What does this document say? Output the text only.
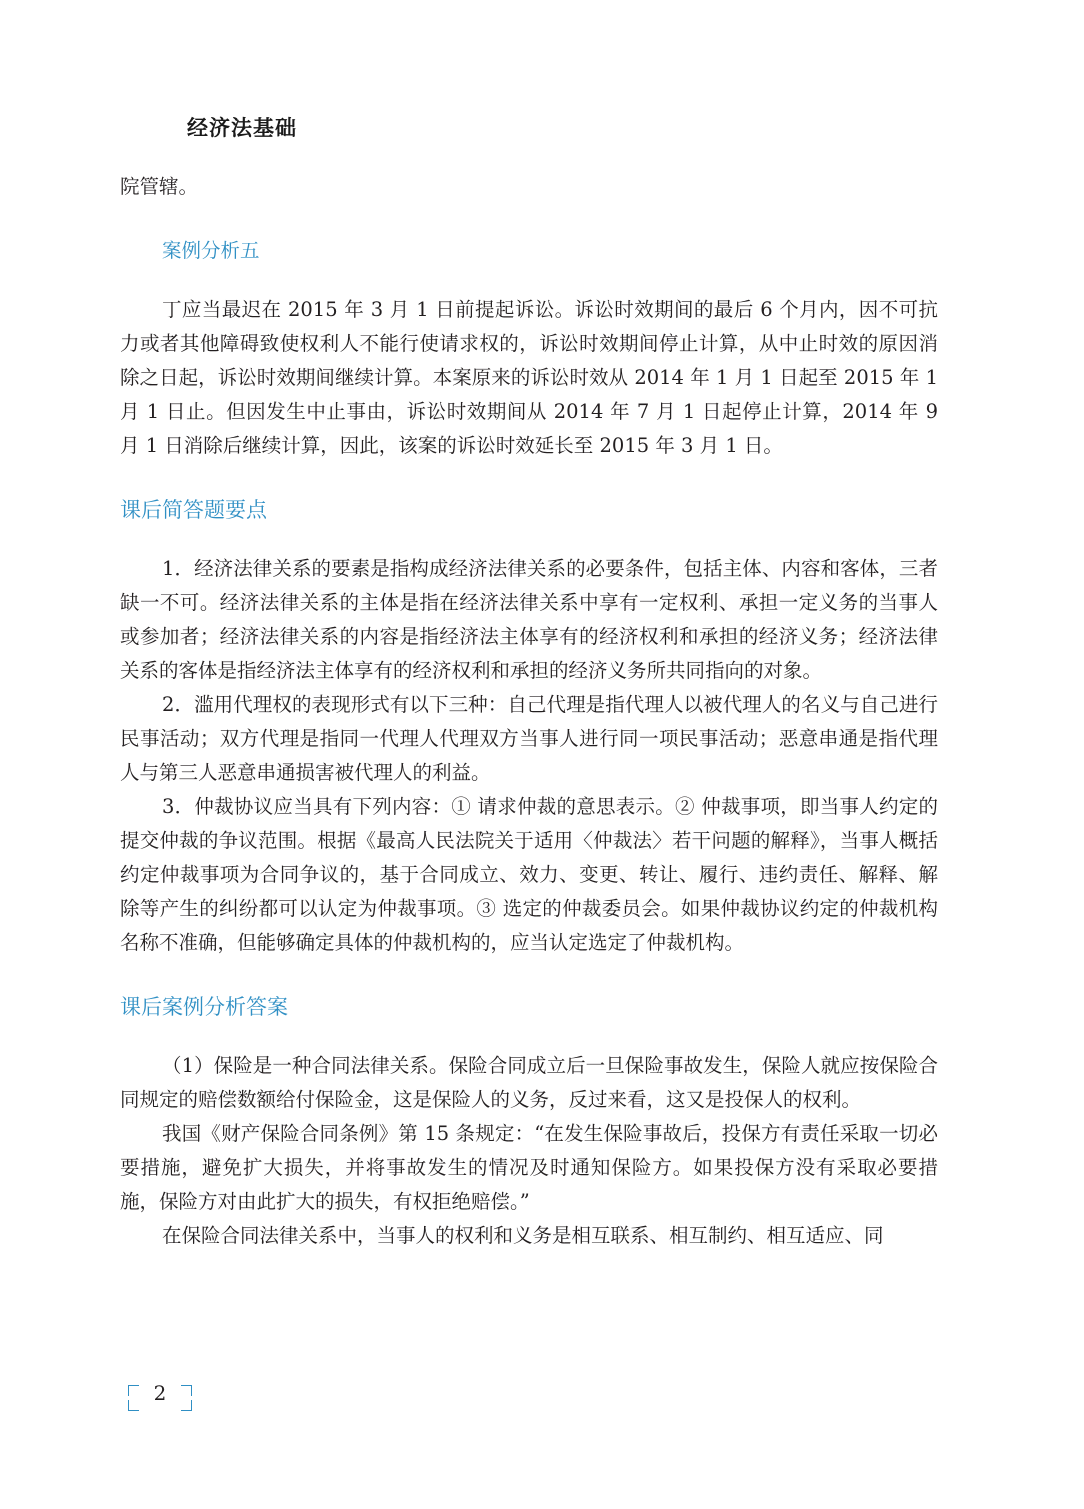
经济法基础

院管辖。

案例分析五

丁应当最迟在 2015 年 3 月 1 日前提起诉讼。诉讼时效期间的最后 6 个月内，因不可抗力或者其他障碍致使权利人不能行使请求权的，诉讼时效期间停止计算，从中止时效的原因消除之日起，诉讼时效期间继续计算。本案原来的诉讼时效从 2014 年 1 月 1 日起至 2015 年 1 月 1 日止。但因发生中止事由，诉讼时效期间从 2014 年 7 月 1 日起停止计算，2014 年 9 月 1 日消除后继续计算，因此，该案的诉讼时效延长至 2015 年 3 月 1 日。

课后简答题要点

1．经济法律关系的要素是指构成经济法律关系的必要条件，包括主体、内容和客体，三者缺一不可。经济法律关系的主体是指在经济法律关系中享有一定权利、承担一定义务的当事人或参加者；经济法律关系的内容是指经济法主体享有的经济权利和承担的经济义务；经济法律关系的客体是指经济法主体享有的经济权利和承担的经济义务所共同指向的对象。

2．滥用代理权的表现形式有以下三种：自己代理是指代理人以被代理人的名义与自己进行民事活动；双方代理是指同一代理人代理双方当事人进行同一项民事活动；恶意串通是指代理人与第三人恶意串通损害被代理人的利益。

3．仲裁协议应当具有下列内容：① 请求仲裁的意思表示。② 仲裁事项，即当事人约定的提交仲裁的争议范围。根据《最高人民法院关于适用〈仲裁法〉若干问题的解释》，当事人概括约定仲裁事项为合同争议的，基于合同成立、效力、变更、转让、履行、违约责任、解释、解除等产生的纠纷都可以认定为仲裁事项。③ 选定的仲裁委员会。如果仲裁协议约定的仲裁机构名称不准确，但能够确定具体的仲裁机构的，应当认定选定了仲裁机构。

课后案例分析答案

（1）保险是一种合同法律关系。保险合同成立后一旦保险事故发生，保险人就应按保险合同规定的赔偿数额给付保险金，这是保险人的义务，反过来看，这又是投保人的权利。

我国《财产保险合同条例》第 15 条规定：“在发生保险事故后，投保方有责任采取一切必要措施，避免扩大损失，并将事故发生的情况及时通知保险方。如果投保方没有采取必要措施，保险方对由此扩大的损失，有权拒绝赔偿。”

在保险合同法律关系中，当事人的权利和义务是相互联系、相互制约、相互适应、同

2
